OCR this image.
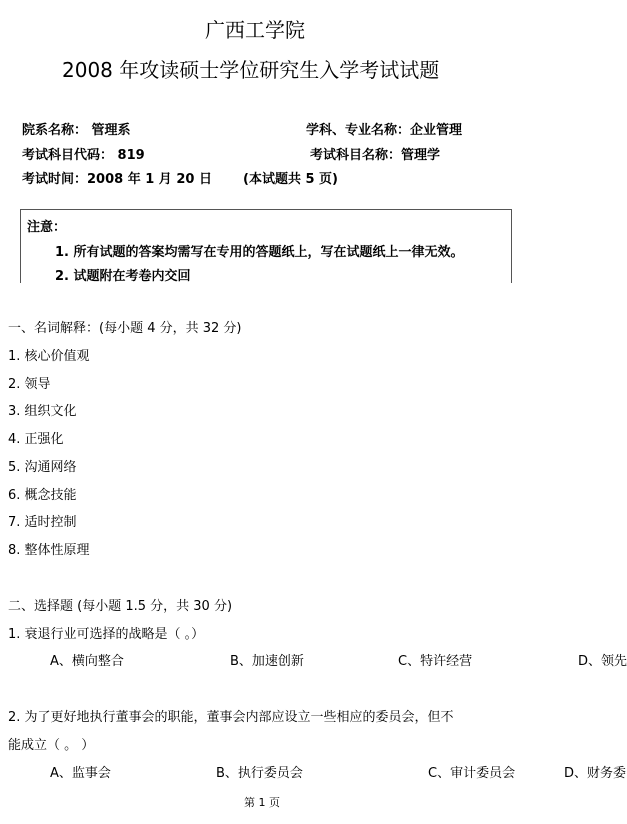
广西工学院
2008 年攻读硕士学位研究生入学考试试题
院系名称： 管理系	学科、专业名称：企业管理
考试科目代码： 819	考试科目名称：管理学
考试时间：2008 年 1 月 20 日 (本试题共 5 页)
注意：
1. 所有试题的答案均需写在专用的答题纸上，写在试题纸上一律无效。
2. 试题附在考卷内交回
一、名词解释：(每小题 4 分，共 32 分)
1. 核心价值观
2. 领导
3. 组织文化
4. 正强化
5. 沟通网络
6. 概念技能
7. 适时控制
8. 整体性原理
二、选择题 (每小题 1.5 分，共 30 分)
1. 衰退行业可选择的战略是（ 。）
A、横向整合	B、加速创新	C、特许经营	D、领先
2. 为了更好地执行董事会的职能，董事会内部应设立一些相应的委员会，但不
能成立（ 。 ）
A、监事会	B、执行委员会	C、审计委员会	D、财务委
第 1 页
